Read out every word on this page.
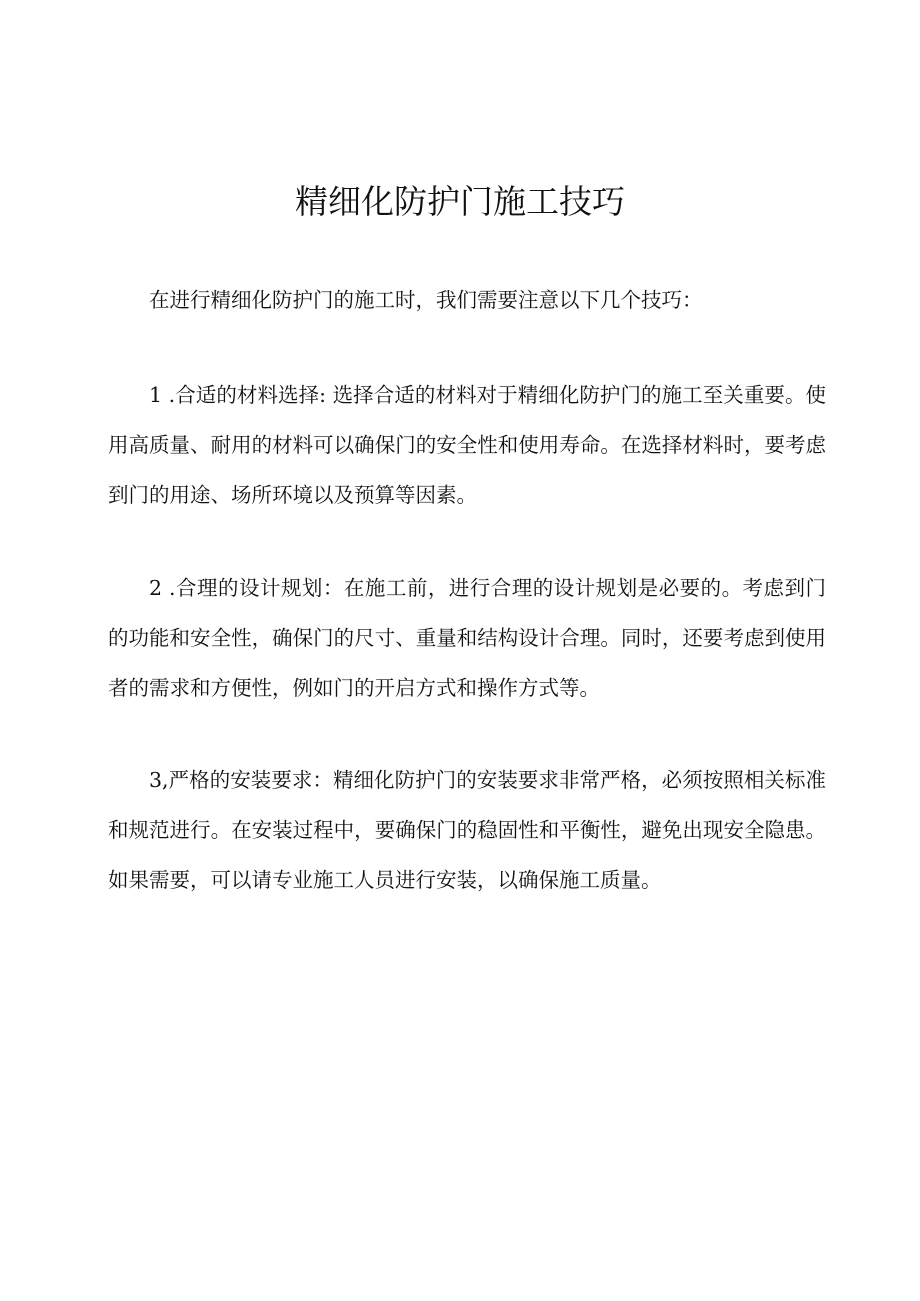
精细化防护门施工技巧
在进行精细化防护门的施工时，我们需要注意以下几个技巧：
1 .合适的材料选择: 选择合适的材料对于精细化防护门的施工至关重要。使用高质量、耐用的材料可以确保门的安全性和使用寿命。在选择材料时，要考虑到门的用途、场所环境以及预算等因素。
2 .合理的设计规划：在施工前，进行合理的设计规划是必要的。考虑到门的功能和安全性，确保门的尺寸、重量和结构设计合理。同时，还要考虑到使用者的需求和方便性，例如门的开启方式和操作方式等。
3,严格的安装要求：精细化防护门的安装要求非常严格，必须按照相关标准和规范进行。在安装过程中，要确保门的稳固性和平衡性，避免出现安全隐患。如果需要，可以请专业施工人员进行安装，以确保施工质量。
